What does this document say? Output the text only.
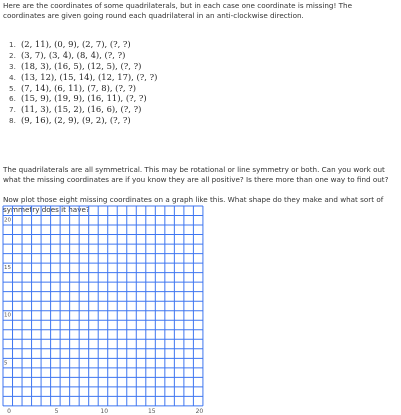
Here are the coordinates of some quadrilaterals, but in each case one coordinate is missing! The coordinates are given going round each quadrilateral in an anti-clockwise direction.

1. (2, 11), (0, 9), (2, 7), (?, ?)
2. (3, 7), (3, 4), (8, 4), (?, ?)
3. (18, 3), (16, 5), (12, 5), (?, ?)
4. (13, 12), (15, 14), (12, 17), (?, ?)
5. (7, 14), (6, 11), (7, 8), (?, ?)
6. (15, 9), (19, 9), (16, 11), (?, ?)
7. (11, 3), (15, 2), (16, 6), (?, ?)
8. (9, 16), (2, 9), (9, 2), (?, ?)

The quadrilaterals are all symmetrical. This may be rotational or line symmetry or both. Can you work out what the missing coordinates are if you know they are all positive? Is there more than one way to find out?

Now plot those eight missing coordinates on a graph like this. What shape do they make and what sort of symmetry does it have?

0	5	10	15	20
5
10
15
20
